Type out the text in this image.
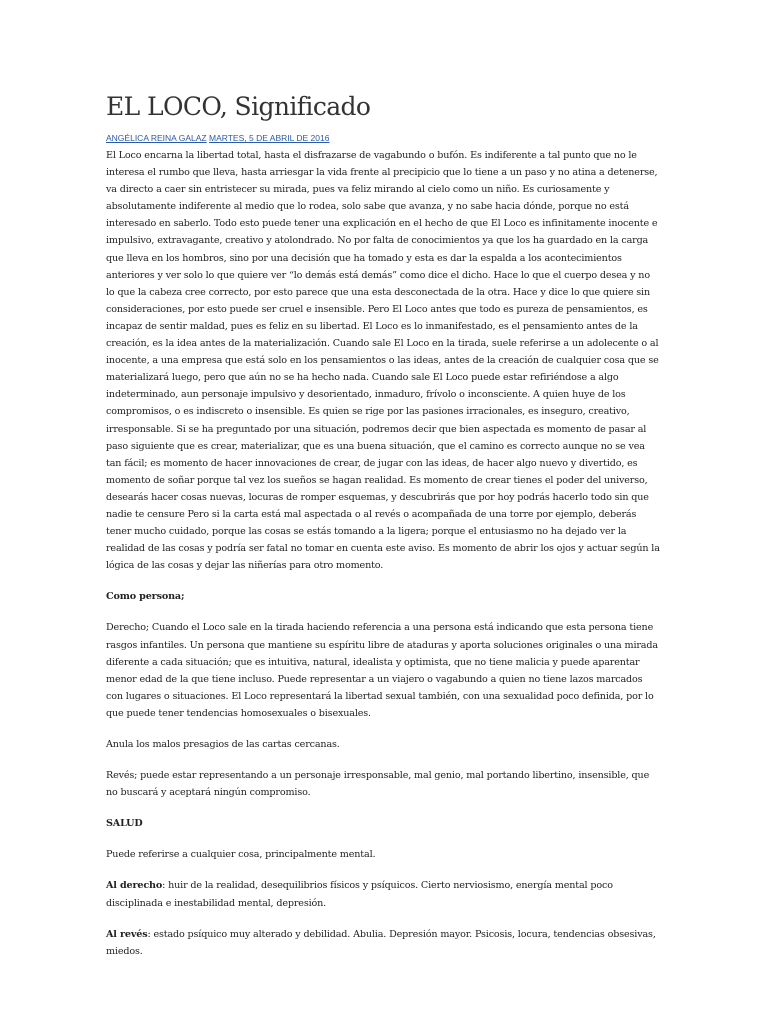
EL LOCO, Significado
ANGÉLICA REINA GALAZ MARTES, 5 DE ABRIL DE 2016

El Loco encarna la libertad total, hasta el disfrazarse de vagabundo o bufón. Es indiferente a tal punto que no le interesa el rumbo que lleva, hasta arriesgar la vida frente al precipicio que lo tiene a un paso y no atina a detenerse, va directo a caer sin entristecer su mirada, pues va feliz mirando al cielo como un niño. Es curiosamente y absolutamente indiferente al medio que lo rodea, solo sabe que avanza, y no sabe hacia dónde, porque no está interesado en saberlo. Todo esto puede tener una explicación en el hecho de que El Loco es infinitamente inocente e impulsivo, extravagante, creativo y atolondrado. No por falta de conocimientos ya que los ha guardado en la carga que lleva en los hombros, sino por una decisión que ha tomado y esta es dar la espalda a los acontecimientos anteriores y ver solo lo que quiere ver “lo demás está demás” como dice el dicho. Hace lo que el cuerpo desea y no lo que la cabeza cree correcto, por esto parece que una esta desconectada de la otra. Hace y dice lo que quiere sin consideraciones, por esto puede ser cruel e insensible. Pero El Loco antes que todo es pureza de pensamientos, es incapaz de sentir maldad, pues es feliz en su libertad. El Loco es lo inmanifestado, es el pensamiento antes de la creación, es la idea antes de la materialización. Cuando sale El Loco en la tirada, suele referirse a un adolecente o al inocente, a una empresa que está solo en los pensamientos o las ideas, antes de la creación de cualquier cosa que se materializará luego, pero que aún no se ha hecho nada. Cuando sale El Loco puede estar refiriéndose a algo indeterminado, aun personaje impulsivo y desorientado, inmaduro, frívolo o inconsciente. A quien huye de los compromisos, o es indiscreto o insensible. Es quien se rige por las pasiones irracionales, es inseguro, creativo, irresponsable. Si se ha preguntado por una situación, podremos decir que bien aspectada es momento de pasar al paso siguiente que es crear, materializar, que es una buena situación, que el camino es correcto aunque no se vea tan fácil; es momento de hacer innovaciones de crear, de jugar con las ideas, de hacer algo nuevo y divertido, es momento de soñar porque tal vez los sueños se hagan realidad. Es momento de crear tienes el poder del universo, desearás hacer cosas nuevas, locuras de romper esquemas, y descubrirás que por hoy podrás hacerlo todo sin que nadie te censure Pero si la carta está mal aspectada o al revés o acompañada de una torre por ejemplo, deberás tener mucho cuidado, porque las cosas se estás tomando a la ligera; porque el entusiasmo no ha dejado ver la realidad de las cosas y podría ser fatal no tomar en cuenta este aviso. Es momento de abrir los ojos y actuar según la lógica de las cosas y dejar las niñerías para otro momento.

Como persona;

Derecho; Cuando el Loco sale en la tirada haciendo referencia a una persona está indicando que esta persona tiene rasgos infantiles. Un persona que mantiene su espíritu libre de ataduras y aporta soluciones originales o una mirada diferente a cada situación; que es intuitiva, natural, idealista y optimista, que no tiene malicia y puede aparentar menor edad de la que tiene incluso. Puede representar a un viajero o vagabundo a quien no tiene lazos marcados con lugares o situaciones. El Loco representará la libertad sexual también, con una sexualidad poco definida, por lo que puede tener tendencias homosexuales o bisexuales.

Anula los malos presagios de las cartas cercanas.

Revés; puede estar representando a un personaje irresponsable, mal genio, mal portando libertino, insensible, que no buscará y aceptará ningún compromiso.

SALUD

Puede referirse a cualquier cosa, principalmente mental.

Al derecho: huir de la realidad, desequilibrios físicos y psíquicos. Cierto nerviosismo, energía mental poco disciplinada e inestabilidad mental, depresión.

Al revés: estado psíquico muy alterado y debilidad. Abulia. Depresión mayor. Psicosis, locura, tendencias obsesivas, miedos.
